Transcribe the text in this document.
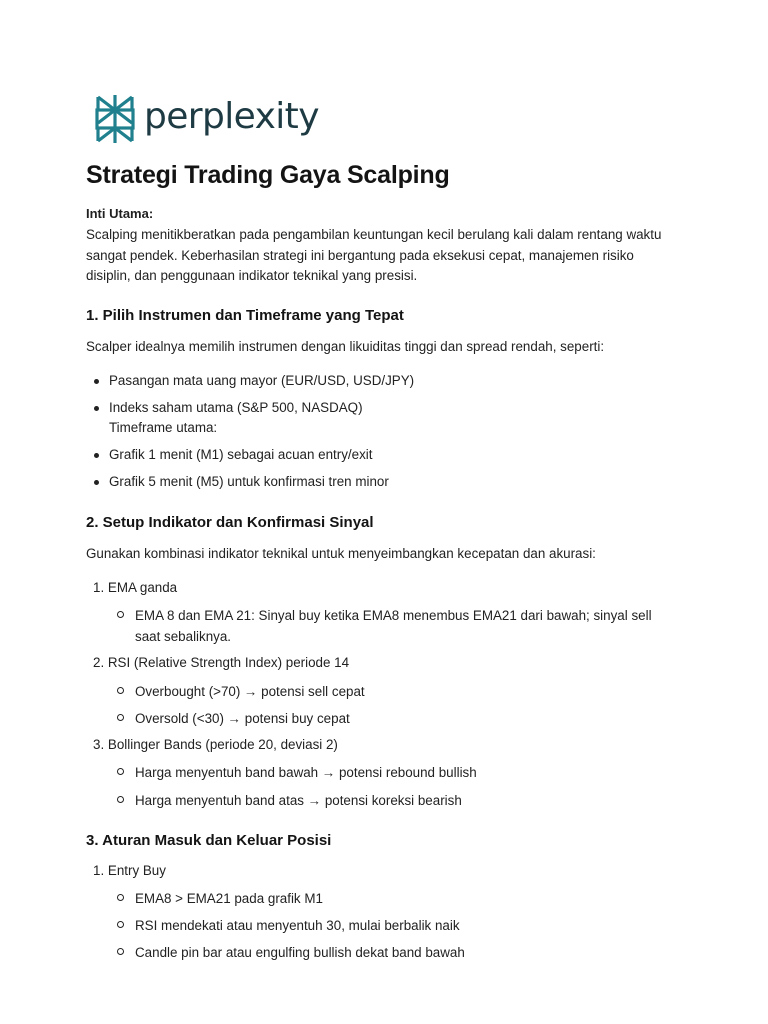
perplexity
Strategi Trading Gaya Scalping

Inti Utama:

Scalping menitikberatkan pada pengambilan keuntungan kecil berulang kali dalam rentang waktu sangat pendek. Keberhasilan strategi ini bergantung pada eksekusi cepat, manajemen risiko disiplin, dan penggunaan indikator teknikal yang presisi.

1. Pilih Instrumen dan Timeframe yang Tepat

Scalper idealnya memilih instrumen dengan likuiditas tinggi dan spread rendah, seperti:

Pasangan mata uang mayor (EUR/USD, USD/JPY)
Indeks saham utama (S&P 500, NASDAQ)

Timeframe utama:

Grafik 1 menit (M1) sebagai acuan entry/exit
Grafik 5 menit (M5) untuk konfirmasi tren minor
2. Setup Indikator dan Konfirmasi Sinyal

Gunakan kombinasi indikator teknikal untuk menyeimbangkan kecepatan dan akurasi:

1. EMA ganda

EMA 8 dan EMA 21: Sinyal buy ketika EMA8 menembus EMA21 dari bawah; sinyal sell saat sebaliknya.

2. RSI (Relative Strength Index) periode 14

Overbought (>70) → potensi sell cepat
Oversold (<30) → potensi buy cepat

3. Bollinger Bands (periode 20, deviasi 2)

Harga menyentuh band bawah → potensi rebound bullish
Harga menyentuh band atas → potensi koreksi bearish
3. Aturan Masuk dan Keluar Posisi

1. Entry Buy

EMA8 > EMA21 pada grafik M1
RSI mendekati atau menyentuh 30, mulai berbalik naik
Candle pin bar atau engulfing bullish dekat band bawah
